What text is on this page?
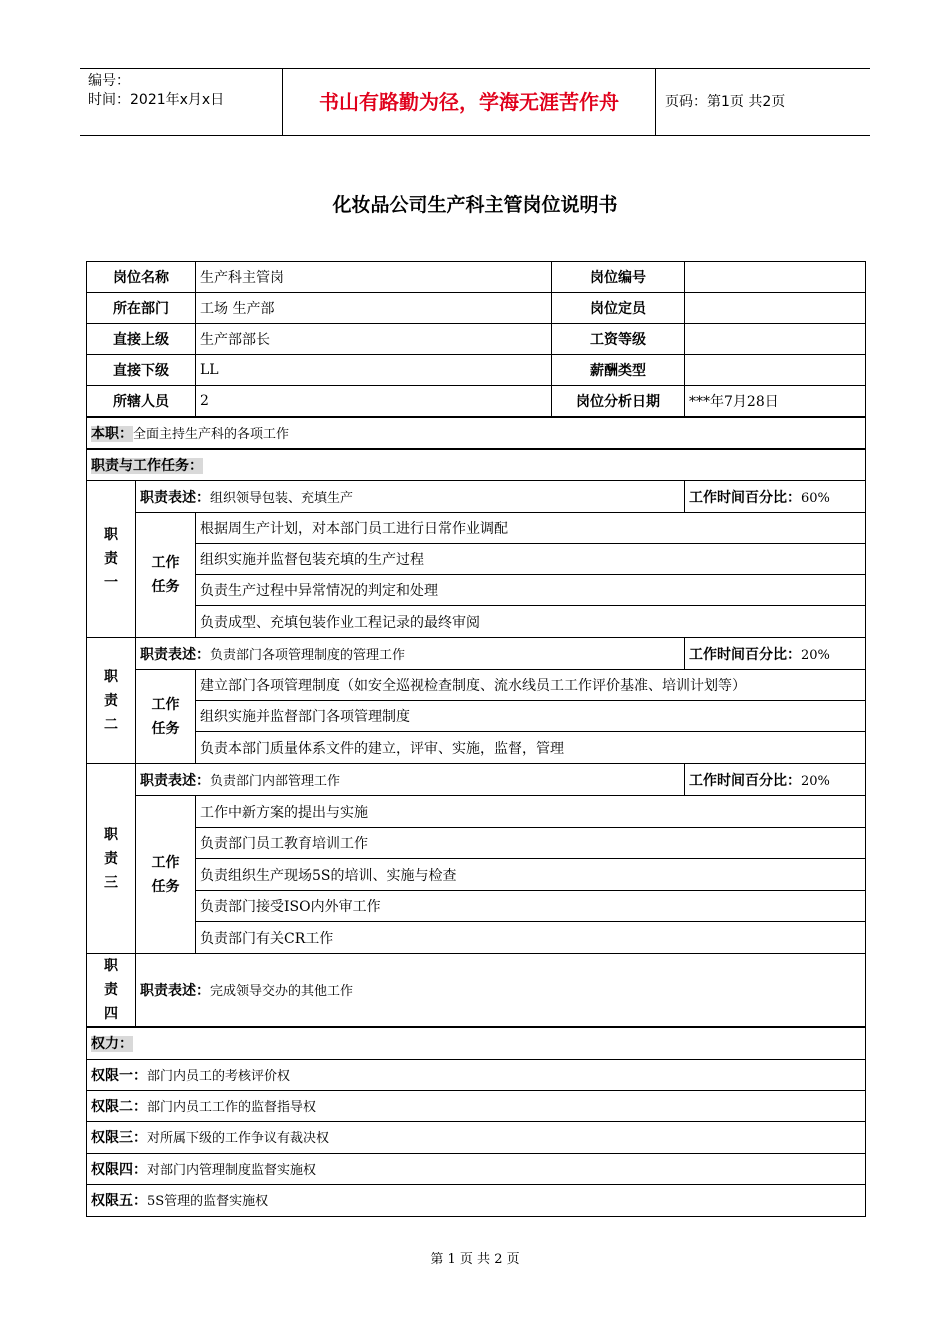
编号：
时间：2021年x月x日	书山有路勤为径，学海无涯苦作舟	页码：第1页 共2页
化妆品公司生产科主管岗位说明书
岗位名称		生产科主管岗	岗位编号	
所在部门		工场 生产部	岗位定员	
直接上级		生产部部长	工资等级	
直接下级		LL	薪酬类型	
所辖人员		2	岗位分析日期	***年7月28日
本职：全面主持生产科的各项工作				
职责与工作任务：				
职
责
一	职责表述：组织领导包装、充填生产			工作时间百分比：60%
	工作
任务	根据周生产计划，对本部门员工进行日常作业调配		
		组织实施并监督包装充填的生产过程		
		负责生产过程中异常情况的判定和处理		
		负责成型、充填包装作业工程记录的最终审阅		
职
责
二	职责表述：负责部门各项管理制度的管理工作			工作时间百分比：20%
	工作
任务	建立部门各项管理制度（如安全巡视检查制度、流水线员工工作评价基准、培训计划等）		
		组织实施并监督部门各项管理制度		
		负责本部门质量体系文件的建立，评审、实施，监督，管理		
职
责
三	职责表述：负责部门内部管理工作			工作时间百分比：20%
	工作
任务	工作中新方案的提出与实施		
		负责部门员工教育培训工作		
		负责组织生产现场5S的培训、实施与检查		
		负责部门接受ISO内外审工作		
		负责部门有关CR工作		
职
责
四	职责表述：完成领导交办的其他工作			
权力：				
权限一：部门内员工的考核评价权				
权限二：部门内员工工作的监督指导权				
权限三：对所属下级的工作争议有裁决权				
权限四：对部门内管理制度监督实施权				
权限五：5S管理的监督实施权				
第 1 页 共 2 页
